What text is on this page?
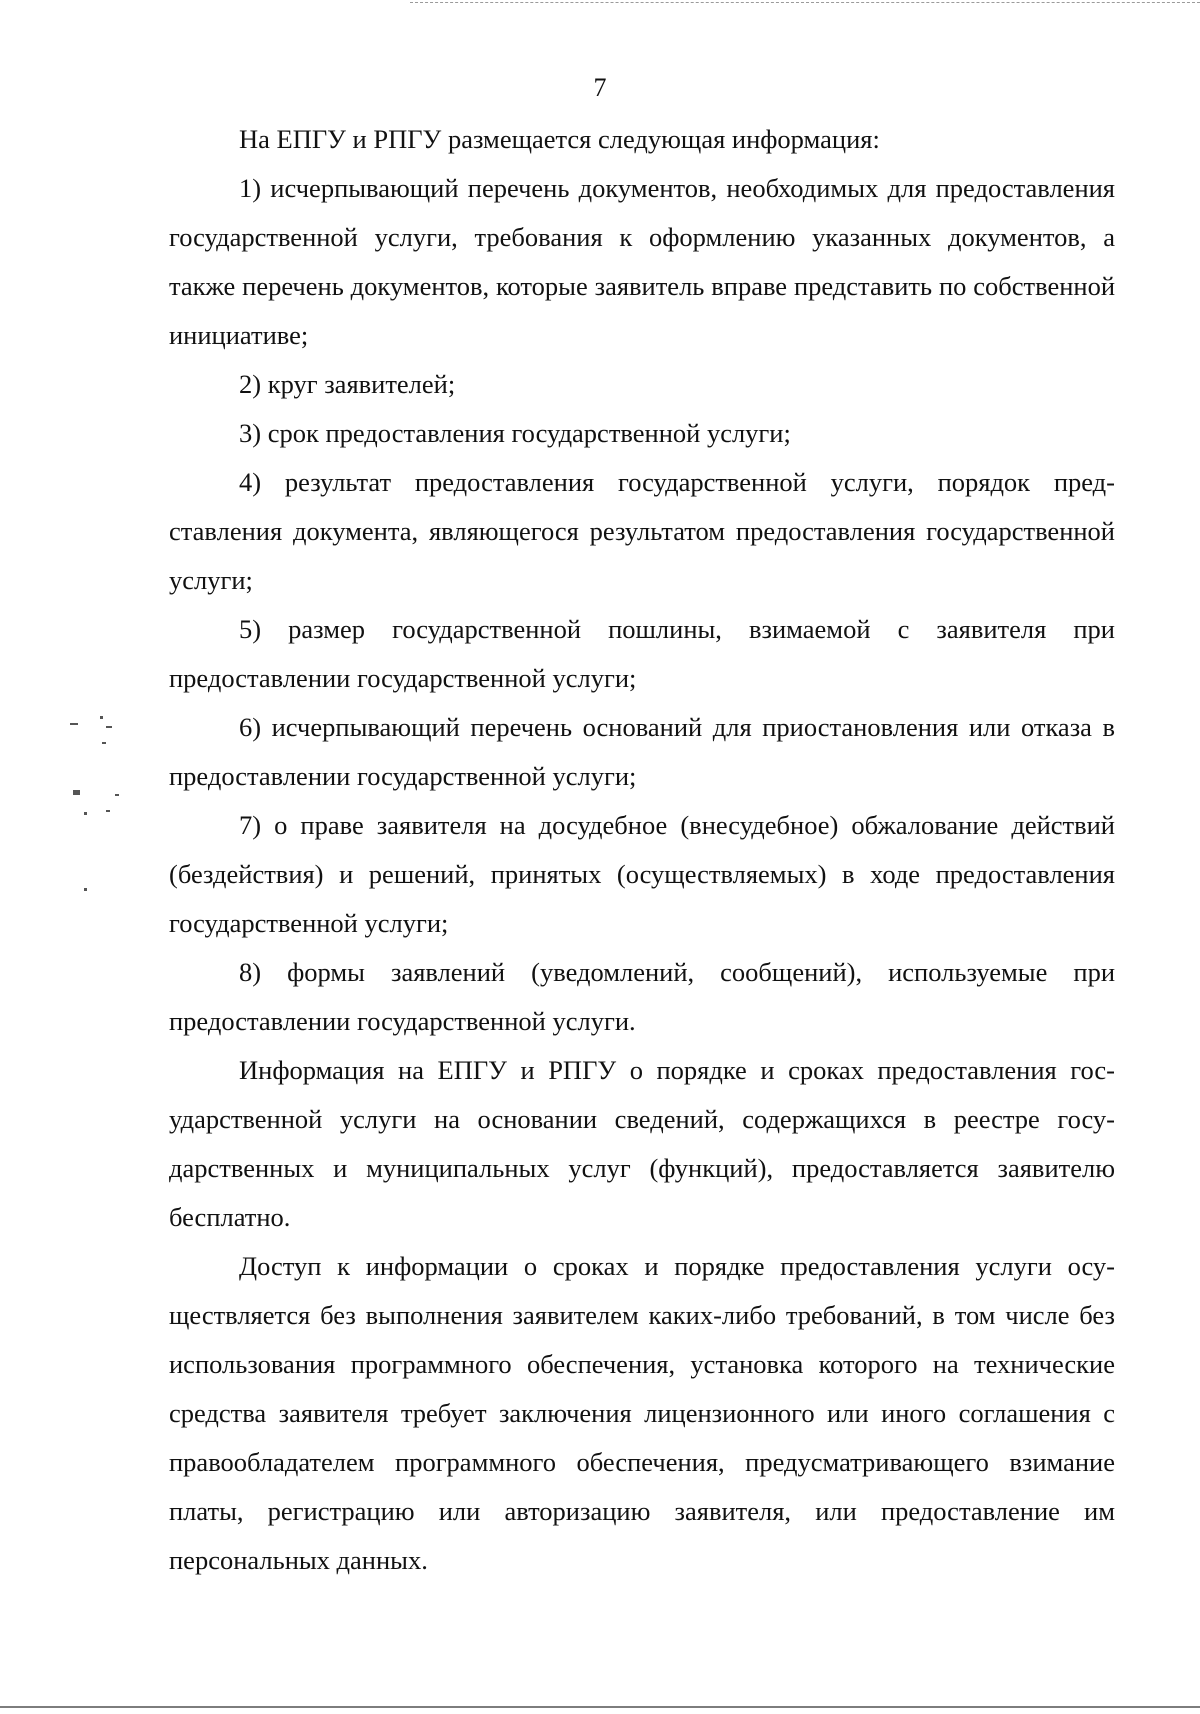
7

На ЕПГУ и РПГУ размещается следующая информация:

1) исчерпывающий перечень документов, необходимых для предоставления государственной услуги, требования к оформлению указанных документов, а также перечень документов, которые заявитель вправе представить по собственной инициативе;

2) круг заявителей;

3) срок предоставления государственной услуги;

4) результат предоставления государственной услуги, порядок представления документа, являющегося результатом предоставления государственной услуги;

5) размер государственной пошлины, взимаемой с заявителя при предоставлении государственной услуги;

6) исчерпывающий перечень оснований для приостановления или отказа в предоставлении государственной услуги;

7) о праве заявителя на досудебное (внесудебное) обжалование действий (бездействия) и решений, принятых (осуществляемых) в ходе предоставления государственной услуги;

8) формы заявлений (уведомлений, сообщений), используемые при предоставлении государственной услуги.

Информация на ЕПГУ и РПГУ о порядке и сроках предоставления государственной услуги на основании сведений, содержащихся в реестре государственных и муниципальных услуг (функций), предоставляется заявителю бесплатно.

Доступ к информации о сроках и порядке предоставления услуги осуществляется без выполнения заявителем каких-либо требований, в том числе без использования программного обеспечения, установка которого на технические средства заявителя требует заключения лицензионного или иного соглашения с правообладателем программного обеспечения, предусматривающего взимание платы, регистрацию или авторизацию заявителя, или предоставление им персональных данных.
